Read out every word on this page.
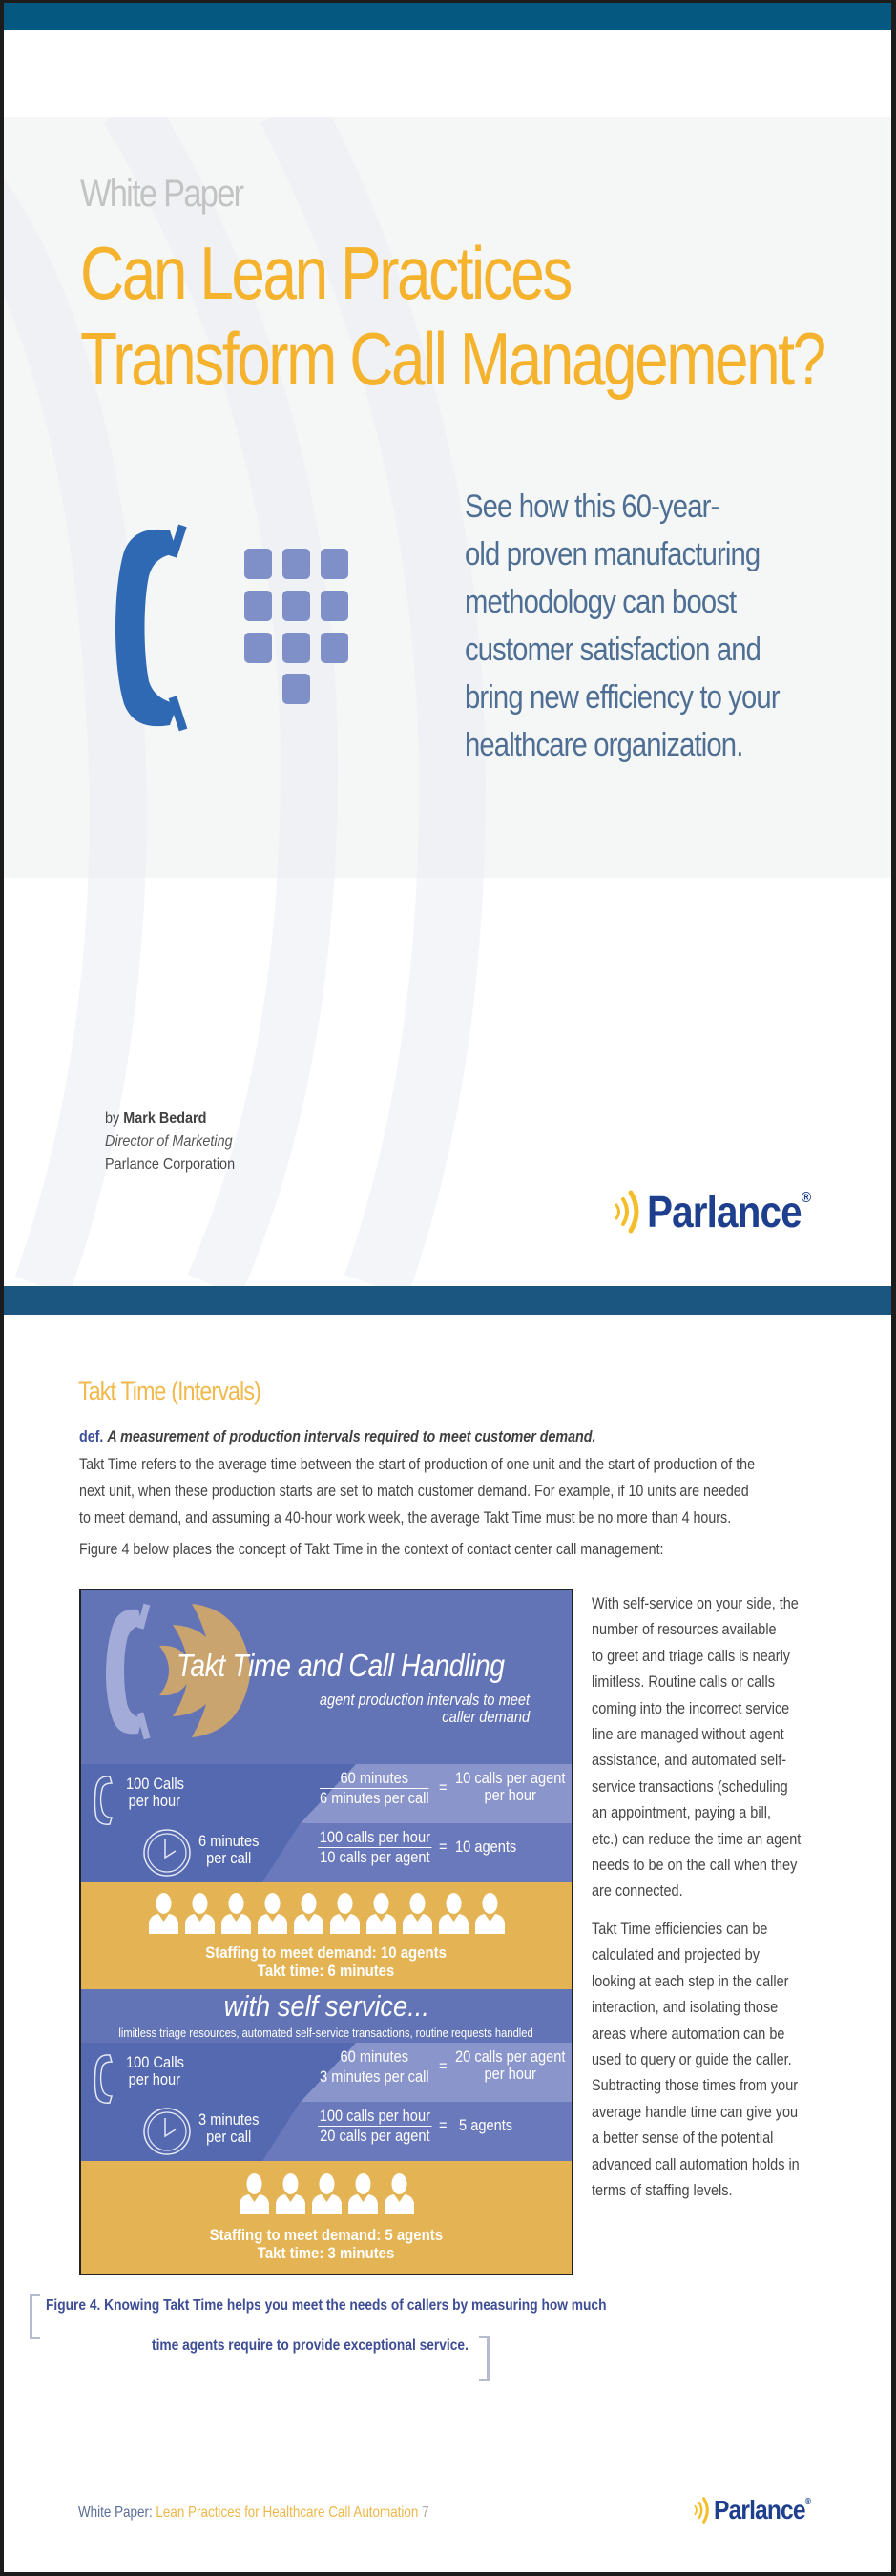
White Paper
Can Lean Practices
Transform Call Management?
See how this 60-year-
old proven manufacturing
methodology can boost
customer satisfaction and
bring new efficiency to your
healthcare organization.
by Mark Bedard
Director of Marketing
Parlance Corporation
Parlance®
Takt Time (Intervals)
def. A measurement of production intervals required to meet customer demand.
Takt Time refers to the average time between the start of production of one unit and the start of production of the
next unit, when these production starts are set to match customer demand. For example, if 10 units are needed
to meet demand, and assuming a 40-hour work week, the average Takt Time must be no more than 4 hours.
Figure 4 below places the concept of Takt Time in the context of contact center call management:
Takt Time and Call Handling
agent production intervals to meet
caller demand
100 Calls
per hour
6 minutes
per call
60 minutes
6 minutes per call
=
10 calls per agent
per hour
100 calls per hour
10 calls per agent
= 10 agents
Staffing to meet demand: 10 agents
Takt time: 6 minutes
with self service...
limitless triage resources, automated self-service transactions, routine requests handled
100 Calls
per hour
3 minutes
per call
60 minutes
3 minutes per call
=
20 calls per agent
per hour
100 calls per hour
20 calls per agent
= 5 agents
Staffing to meet demand: 5 agents
Takt time: 3 minutes
With self-service on your side, the
number of resources available
to greet and triage calls is nearly
limitless. Routine calls or calls
coming into the incorrect service
line are managed without agent
assistance, and automated self-
service transactions (scheduling
an appointment, paying a bill,
etc.) can reduce the time an agent
needs to be on the call when they
are connected.
Takt Time efficiencies can be
calculated and projected by
looking at each step in the caller
interaction, and isolating those
areas where automation can be
used to query or guide the caller.
Subtracting those times from your
average handle time can give you
a better sense of the potential
advanced call automation holds in
terms of staffing levels.
Figure 4. Knowing Takt Time helps you meet the needs of callers by measuring how much
time agents require to provide exceptional service.
White Paper: Lean Practices for Healthcare Call Automation 7	Parlance®
